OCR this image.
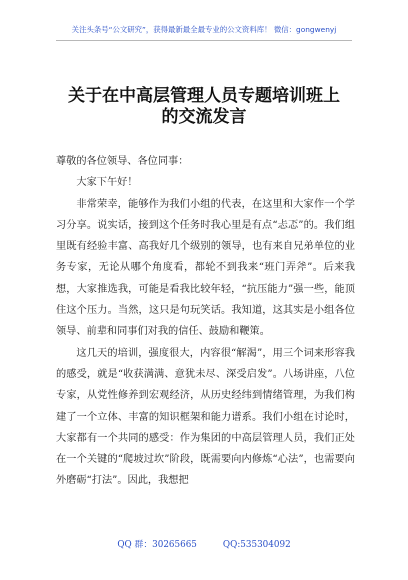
关注头条号“公文研究”，获得最新最全最专业的公文资料库！ 微信：gongwenyj
关于在中高层管理人员专题培训班上
的交流发言

尊敬的各位领导、各位同事：

大家下午好！

非常荣幸，能够作为我们小组的代表，在这里和大家作一个学习分享。说实话，接到这个任务时我心里是有点“忐忑”的。我们组里既有经验丰富、高我好几个级别的领导，也有来自兄弟单位的业务专家，无论从哪个角度看，都轮不到我来“班门弄斧”。后来我想，大家推选我，可能是看我比较年轻，“抗压能力”强一些，能顶住这个压力。当然，这只是句玩笑话。我知道，这其实是小组各位领导、前辈和同事们对我的信任、鼓励和鞭策。

这几天的培训，强度很大，内容很“解渴”，用三个词来形容我的感受，就是“收获满满、意犹未尽、深受启发”。八场讲座，八位专家，从党性修养到宏观经济，从历史经纬到情绪管理，为我们构建了一个立体、丰富的知识框架和能力谱系。我们小组在讨论时，大家都有一个共同的感受：作为集团的中高层管理人员，我们正处在一个关键的“爬坡过坎”阶段，既需要向内修炼“心法”，也需要向外磨砺“打法”。因此，我想把

QQ 群：30265665	QQ:535304092
